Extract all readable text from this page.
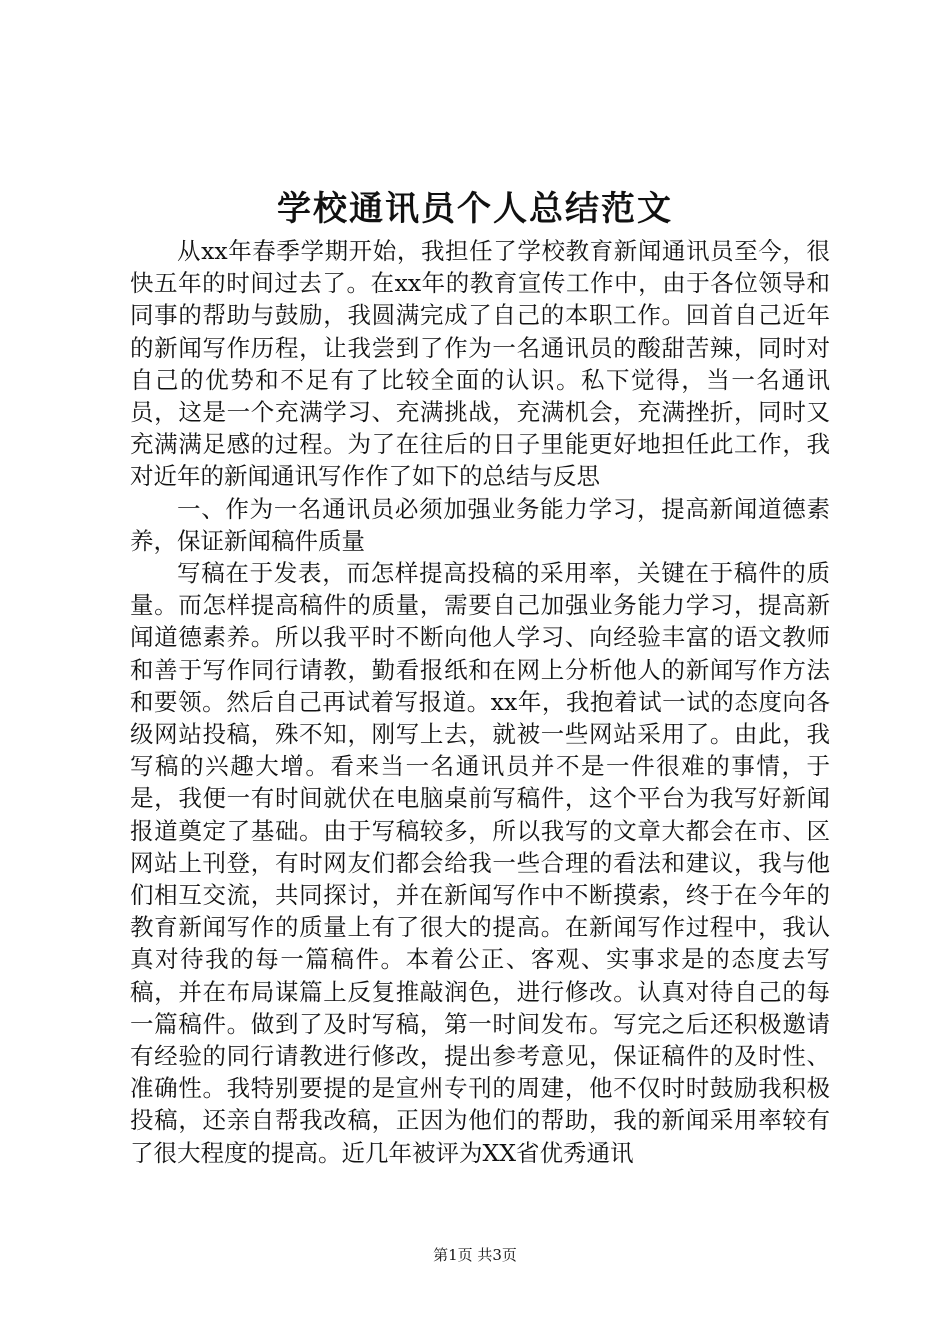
学校通讯员个人总结范文

从xx年春季学期开始，我担任了学校教育新闻通讯员至今，很快五年的时间过去了。在xx年的教育宣传工作中，由于各位领导和同事的帮助与鼓励，我圆满完成了自己的本职工作。回首自己近年的新闻写作历程，让我尝到了作为一名通讯员的酸甜苦辣，同时对自己的优势和不足有了比较全面的认识。私下觉得，当一名通讯员，这是一个充满学习、充满挑战，充满机会，充满挫折，同时又充满满足感的过程。为了在往后的日子里能更好地担任此工作，我对近年的新闻通讯写作作了如下的总结与反思

一、作为一名通讯员必须加强业务能力学习，提高新闻道德素养，保证新闻稿件质量

写稿在于发表，而怎样提高投稿的采用率，关键在于稿件的质量。而怎样提高稿件的质量，需要自己加强业务能力学习，提高新闻道德素养。所以我平时不断向他人学习、向经验丰富的语文教师和善于写作同行请教，勤看报纸和在网上分析他人的新闻写作方法和要领。然后自己再试着写报道。xx年，我抱着试一试的态度向各级网站投稿，殊不知，刚写上去，就被一些网站采用了。由此，我写稿的兴趣大增。看来当一名通讯员并不是一件很难的事情，于是，我便一有时间就伏在电脑桌前写稿件，这个平台为我写好新闻报道奠定了基础。由于写稿较多，所以我写的文章大都会在市、区网站上刊登，有时网友们都会给我一些合理的看法和建议，我与他们相互交流，共同探讨，并在新闻写作中不断摸索，终于在今年的教育新闻写作的质量上有了很大的提高。在新闻写作过程中，我认真对待我的每一篇稿件。本着公正、客观、实事求是的态度去写稿，并在布局谋篇上反复推敲润色，进行修改。认真对待自己的每一篇稿件。做到了及时写稿，第一时间发布。写完之后还积极邀请有经验的同行请教进行修改，提出参考意见，保证稿件的及时性、准确性。我特别要提的是宣州专刊的周建，他不仅时时鼓励我积极投稿，还亲自帮我改稿，正因为他们的帮助，我的新闻采用率较有了很大程度的提高。近几年被评为XX省优秀通讯

第1页 共3页
